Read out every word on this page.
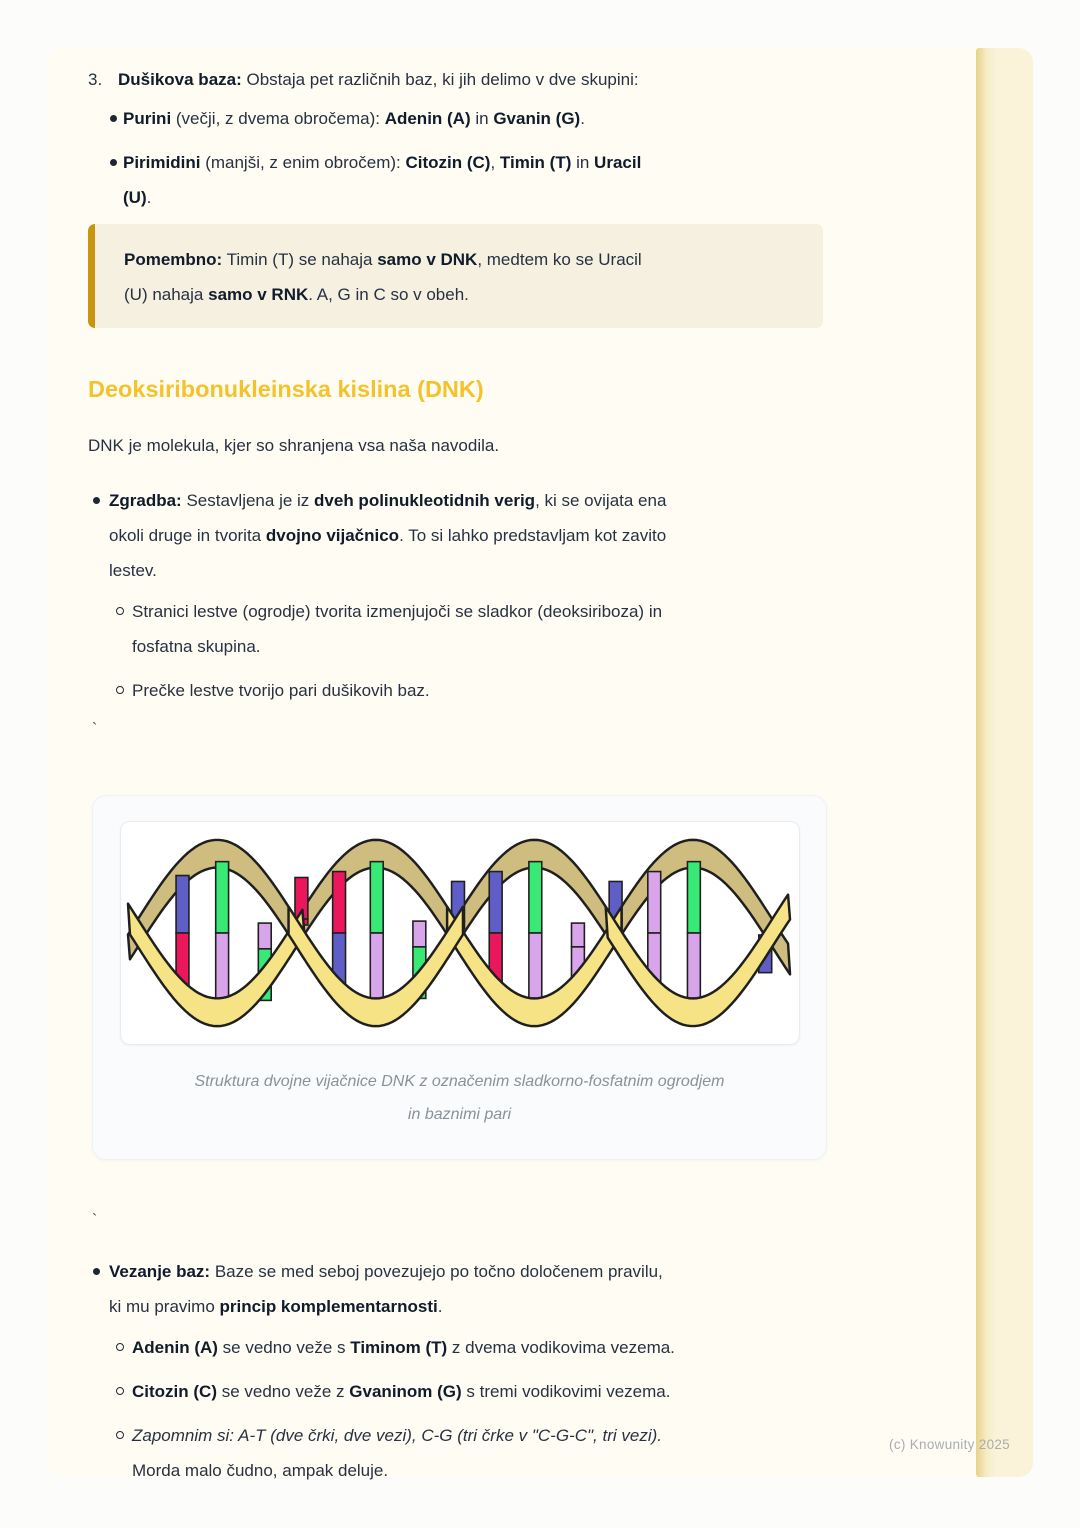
3. Dušikova baza: Obstaja pet različnih baz, ki jih delimo v dve skupini:
Purini (večji, z dvema obročema): Adenin (A) in Gvanin (G).
Pirimidini (manjši, z enim obročem): Citozin (C), Timin (T) in Uracil
(U).

Pomembno: Timin (T) se nahaja samo v DNK, medtem ko se Uracil
(U) nahaja samo v RNK. A, G in C so v obeh.

Deoksiribonukleinska kislina (DNK)

DNK je molekula, kjer so shranjena vsa naša navodila.

Zgradba: Sestavljena je iz dveh polinukleotidnih verig, ki se ovijata ena
okoli druge in tvorita dvojno vijačnico. To si lahko predstavljam kot zavito
lestev.
Stranici lestve (ogrodje) tvorita izmenjujoči se sladkor (deoksiriboza) in
fosfatna skupina.
Prečke lestve tvorijo pari dušikovih baz.
`
Struktura dvojne vijačnice DNK z označenim sladkorno-fosfatnim ogrodjem
in baznimi pari
`
Vezanje baz: Baze se med seboj povezujejo po točno določenem pravilu,
ki mu pravimo princip komplementarnosti.
Adenin (A) se vedno veže s Timinom (T) z dvema vodikovima vezema.
Citozin (C) se vedno veže z Gvaninom (G) s tremi vodikovimi vezema.
Zapomnim si: A-T (dve črki, dve vezi), C-G (tri črke v "C-G-C", tri vezi).
Morda malo čudno, ampak deluje.
(c) Knowunity 2025
